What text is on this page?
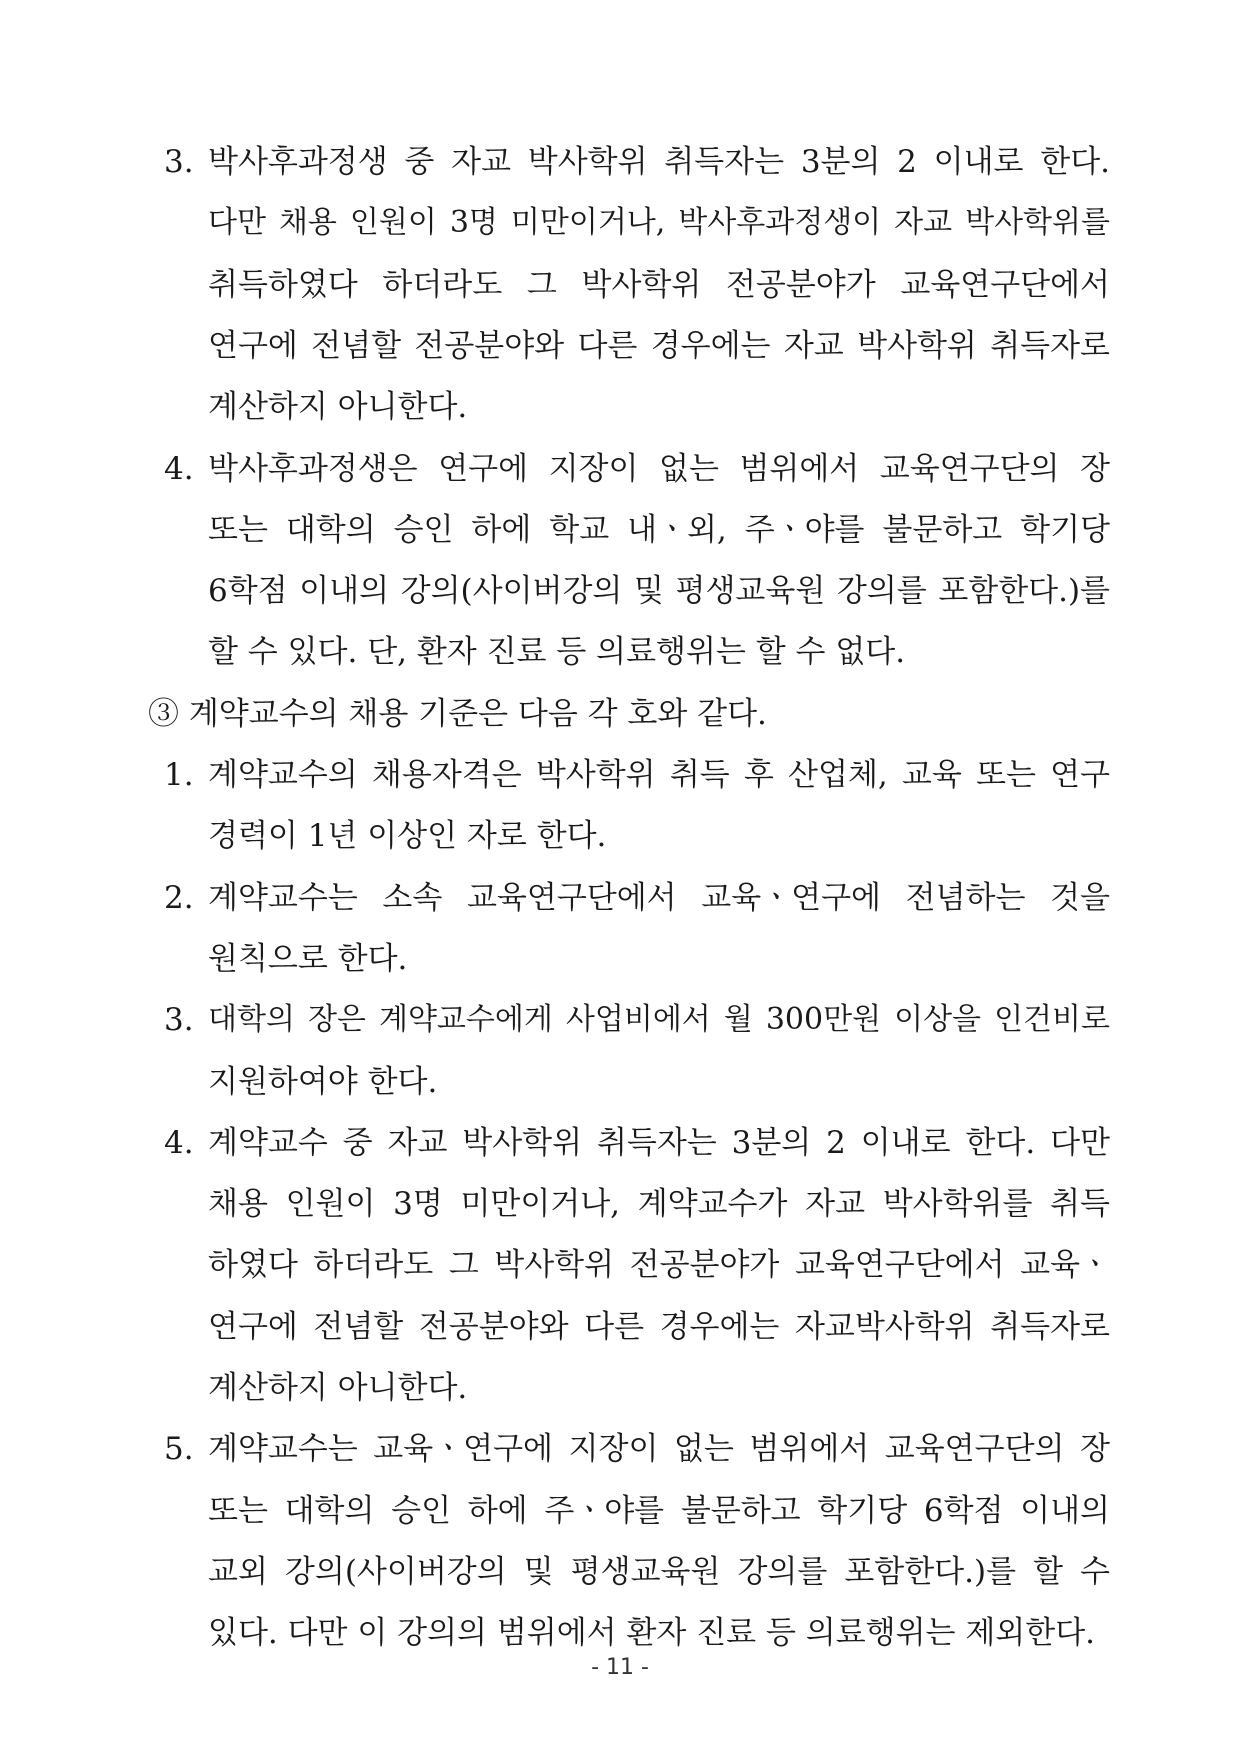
3. 박사후과정생 중 자교 박사학위 취득자는 3분의 2 이내로 한다.
다만 채용 인원이 3명 미만이거나, 박사후과정생이 자교 박사학위를
취득하였다 하더라도 그 박사학위 전공분야가 교육연구단에서
연구에 전념할 전공분야와 다른 경우에는 자교 박사학위 취득자로
계산하지 아니한다.
4. 박사후과정생은 연구에 지장이 없는 범위에서 교육연구단의 장
또는 대학의 승인 하에 학교 내ㆍ외, 주ㆍ야를 불문하고 학기당
6학점 이내의 강의(사이버강의 및 평생교육원 강의를 포함한다.)를
할 수 있다. 단, 환자 진료 등 의료행위는 할 수 없다.
③ 계약교수의 채용 기준은 다음 각 호와 같다.
1. 계약교수의 채용자격은 박사학위 취득 후 산업체, 교육 또는 연구
경력이 1년 이상인 자로 한다.
2. 계약교수는 소속 교육연구단에서 교육ㆍ연구에 전념하는 것을
원칙으로 한다.
3. 대학의 장은 계약교수에게 사업비에서 월 300만원 이상을 인건비로
지원하여야 한다.
4. 계약교수 중 자교 박사학위 취득자는 3분의 2 이내로 한다. 다만
채용 인원이 3명 미만이거나, 계약교수가 자교 박사학위를 취득
하였다 하더라도 그 박사학위 전공분야가 교육연구단에서 교육ㆍ
연구에 전념할 전공분야와 다른 경우에는 자교박사학위 취득자로
계산하지 아니한다.
5. 계약교수는 교육ㆍ연구에 지장이 없는 범위에서 교육연구단의 장
또는 대학의 승인 하에 주ㆍ야를 불문하고 학기당 6학점 이내의
교외 강의(사이버강의 및 평생교육원 강의를 포함한다.)를 할 수
있다. 다만 이 강의의 범위에서 환자 진료 등 의료행위는 제외한다.
- 11 -
